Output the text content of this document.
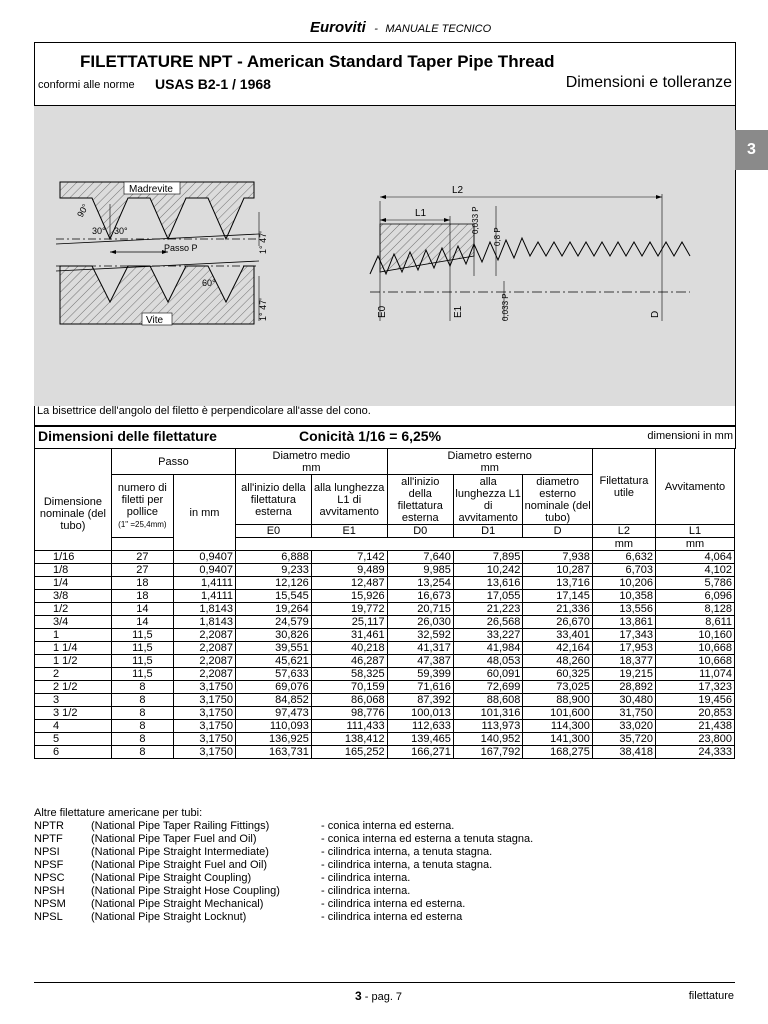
Euroviti - MANUALE TECNICO
FILETTATURE NPT - American Standard Taper Pipe Thread
conformi alle norme USAS B2-1 / 1968	Dimensioni e tolleranze
3
Madrevite
Vite
Passo P
30° 30°
60°
90°
1° 47'
1° 47'
L2
L1	0,033 P
0,8 P
0,033 P
E0	E1	D
La bisettrice dell'angolo del filetto è perpendicolare all'asse del cono.
Dimensioni delle filettature	Conicità 1/16 = 6,25%	dimensioni in mm
Dimensione nominale (del tubo)	Passo		Diametro medio
mm		Diametro esterno
mm			Filettatura utile	Avvitamento
	numero di filetti per pollice
(1" =25,4mm)	in mm	all'inizio della filettatura esterna	alla lunghezza L1 di avvitamento	all'inizio della filettatura esterna	alla lunghezza L1 di avvitamento	diametro esterno nominale (del tubo)		
			E0	E1	D0	D1	D	L2	L1
								mm	mm
1/16	27	0,9407	6,888	7,142	7,640	7,895	7,938	6,632	4,064
1/8	27	0,9407	9,233	9,489	9,985	10,242	10,287	6,703	4,102
1/4	18	1,4111	12,126	12,487	13,254	13,616	13,716	10,206	5,786
3/8	18	1,4111	15,545	15,926	16,673	17,055	17,145	10,358	6,096
1/2	14	1,8143	19,264	19,772	20,715	21,223	21,336	13,556	8,128
3/4	14	1,8143	24,579	25,117	26,030	26,568	26,670	13,861	8,611
1	11,5	2,2087	30,826	31,461	32,592	33,227	33,401	17,343	10,160
1 1/4	11,5	2,2087	39,551	40,218	41,317	41,984	42,164	17,953	10,668
1 1/2	11,5	2,2087	45,621	46,287	47,387	48,053	48,260	18,377	10,668
2	11,5	2,2087	57,633	58,325	59,399	60,091	60,325	19,215	11,074
2 1/2	8	3,1750	69,076	70,159	71,616	72,699	73,025	28,892	17,323
3	8	3,1750	84,852	86,068	87,392	88,608	88,900	30,480	19,456
3 1/2	8	3,1750	97,473	98,776	100,013	101,316	101,600	31,750	20,853
4	8	3,1750	110,093	111,433	112,633	113,973	114,300	33,020	21,438
5	8	3,1750	136,925	138,412	139,465	140,952	141,300	35,720	23,800
6	8	3,1750	163,731	165,252	166,271	167,792	168,275	38,418	24,333
Altre filettature americane per tubi:
NPTR (National Pipe Taper Railing Fittings)	- conica interna ed esterna.
NPTF	(National Pipe Taper Fuel and Oil)	- conica interna ed esterna a tenuta stagna.
NPSI	(National Pipe Straight Intermediate)	- cilindrica interna, a tenuta stagna.
NPSF	(National Pipe Straight Fuel and Oil)	- cilindrica interna, a tenuta stagna.
NPSC (National Pipe Straight Coupling)	- cilindrica interna.
NPSH (National Pipe Straight Hose Coupling)	- cilindrica interna.
NPSM (National Pipe Straight Mechanical)	- cilindrica interna ed esterna.
NPSL	(National Pipe Straight Locknut)	- cilindrica interna ed esterna
3 - pag. 7	filettature
